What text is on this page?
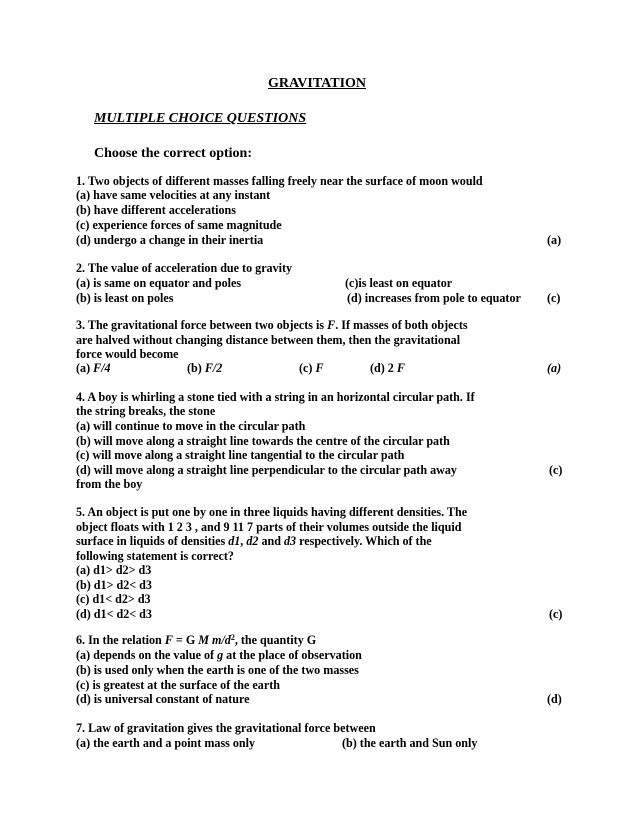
GRAVITATION
MULTIPLE CHOICE QUESTIONS
Choose the correct option:
1. Two objects of different masses falling freely near the surface of moon would
(a) have same velocities at any instant
(b) have different accelerations
(c) experience forces of same magnitude
(d) undergo a change in their inertia	(a)
2. The value of acceleration due to gravity
(a) is same on equator and poles	(c)is least on equator
(b) is least on poles	(d) increases from pole to equator (c)
3. The gravitational force between two objects is F. If masses of both objects
are halved without changing distance between them, then the gravitational
force would become
(a) F/4	(b) F/2	(c) F	(d) 2 F	(a)
4. A boy is whirling a stone tied with a string in an horizontal circular path. If
the string breaks, the stone
(a) will continue to move in the circular path
(b) will move along a straight line towards the centre of the circular path
(c) will move along a straight line tangential to the circular path
(d) will move along a straight line perpendicular to the circular path away	(c)
from the boy
5. An object is put one by one in three liquids having different densities. The
object floats with 1 2 3 , and 9 11 7 parts of their volumes outside the liquid
surface in liquids of densities d1, d2 and d3 respectively. Which of the
following statement is correct?
(a) d1> d2> d3
(b) d1> d2< d3
(c) d1< d2> d3
(d) d1< d2< d3	(c)
6. In the relation F = G M $m/d^2$, the quantity G
(a) depends on the value of g at the place of observation
(b) is used only when the earth is one of the two masses
(c) is greatest at the surface of the earth
(d) is universal constant of nature	(d)
7. Law of gravitation gives the gravitational force between
(a) the earth and a point mass only	(b) the earth and Sun only
